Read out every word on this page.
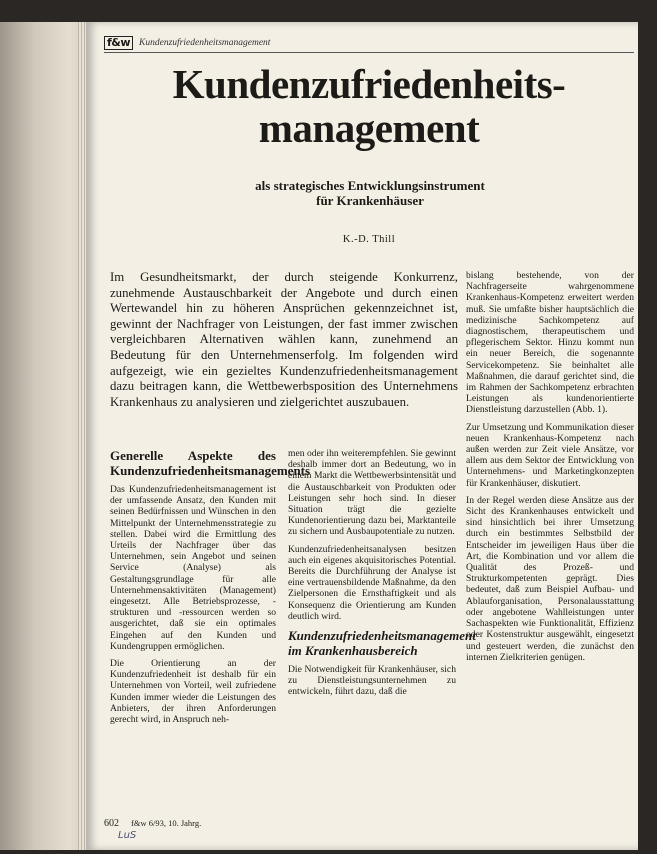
f&w Kundenzufriedenheitsmanagement
Kundenzufriedenheits-
management
als strategisches Entwicklungsinstrument
für Krankenhäuser
K.-D. Thill
Im Gesundheitsmarkt, der durch steigende Konkurrenz, zunehmende Austauschbarkeit der Angebote und durch einen Wertewandel hin zu höheren Ansprüchen gekennzeichnet ist, gewinnt der Nachfrager von Leistungen, der fast immer zwischen vergleichbaren Alternativen wählen kann, zunehmend an Bedeutung für den Unternehmenserfolg. Im folgenden wird aufgezeigt, wie ein gezieltes Kundenzufriedenheitsmanagement dazu beitragen kann, die Wettbewerbsposition des Unternehmens Krankenhaus zu analysieren und zielgerichtet auszubauen.

Generelle Aspekte des Kundenzufriedenheitsmanagements

Das Kundenzufriedenheitsmanagement ist der umfassende Ansatz, den Kunden mit seinen Bedürfnissen und Wünschen in den Mittelpunkt der Unternehmensstrategie zu stellen. Dabei wird die Ermittlung des Urteils der Nachfrager über das Unternehmen, sein Angebot und seinen Service (Analyse) als Gestaltungsgrundlage für alle Unternehmensaktivitäten (Management) eingesetzt. Alle Betriebsprozesse, -strukturen und -ressourcen werden so ausgerichtet, daß sie ein optimales Eingehen auf den Kunden und Kundengruppen ermöglichen.

Die Orientierung an der Kundenzufriedenheit ist deshalb für ein Unternehmen von Vorteil, weil zufriedene Kunden immer wieder die Leistungen des Anbieters, der ihren Anforderungen gerecht wird, in Anspruch neh-

men oder ihn weiterempfehlen. Sie gewinnt deshalb immer dort an Bedeutung, wo in einem Markt die Wettbewerbsintensität und die Austauschbarkeit von Produkten oder Leistungen sehr hoch sind. In dieser Situation trägt die gezielte Kundenorientierung dazu bei, Marktanteile zu sichern und Ausbaupotentiale zu nutzen.

Kundenzufriedenheitsanalysen besitzen auch ein eigenes akquisitorisches Potential. Bereits die Durchführung der Analyse ist eine vertrauensbildende Maßnahme, da den Zielpersonen die Ernsthaftigkeit und als Konsequenz die Orientierung am Kunden deutlich wird.

Kundenzufriedenheitsmanagement im Krankenhausbereich

Die Notwendigkeit für Krankenhäuser, sich zu Dienstleistungsunternehmen zu entwickeln, führt dazu, daß die

bislang bestehende, von der Nachfragerseite wahrgenommene Krankenhaus-Kompetenz erweitert werden muß. Sie umfaßte bisher hauptsächlich die medizinische Sachkompetenz auf diagnostischem, therapeutischem und pflegerischem Sektor. Hinzu kommt nun ein neuer Bereich, die sogenannte Servicekompetenz. Sie beinhaltet alle Maßnahmen, die darauf gerichtet sind, die im Rahmen der Sachkompetenz erbrachten Leistungen als kundenorientierte Dienstleistung darzustellen (Abb. 1).

Zur Umsetzung und Kommunikation dieser neuen Krankenhaus-Kompetenz nach außen werden zur Zeit viele Ansätze, vor allem aus dem Sektor der Entwicklung von Unternehmens- und Marketingkonzepten für Krankenhäuser, diskutiert.

In der Regel werden diese Ansätze aus der Sicht des Krankenhauses entwickelt und sind hinsichtlich bei ihrer Umsetzung durch ein bestimmtes Selbstbild der Entscheider im jeweiligen Haus über die Art, die Kombination und vor allem die Qualität des Prozeß- und Strukturkompetenten geprägt. Dies bedeutet, daß zum Beispiel Aufbau- und Ablauforganisation, Personalausstattung oder angebotene Wahlleistungen unter Sachaspekten wie Funktionalität, Effizienz oder Kostenstruktur ausgewählt, eingesetzt und gesteuert werden, die zunächst den internen Zielkriterien genügen.

602 f&w 6/93, 10. Jahrg.
LuS
